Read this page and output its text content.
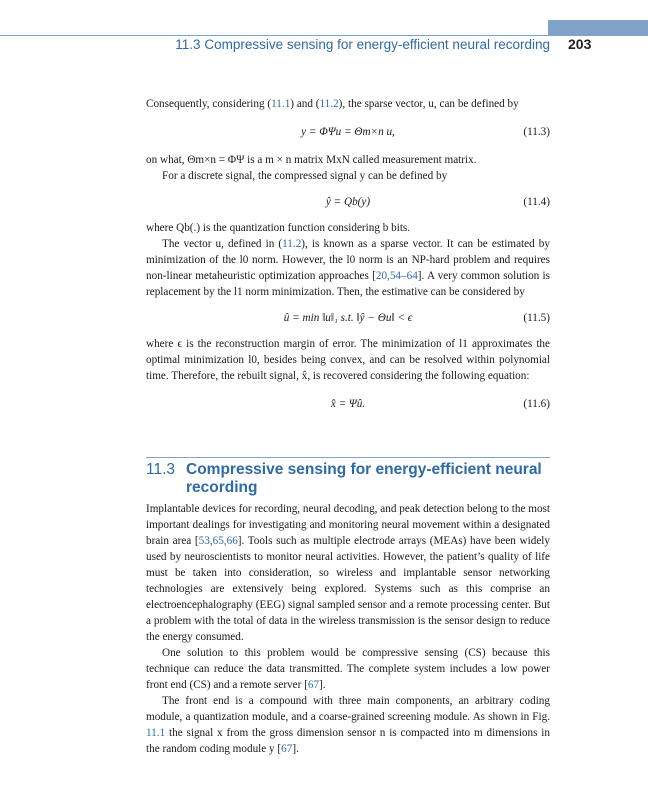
11.3 Compressive sensing for energy-efficient neural recording 203

Consequently, considering (11.1) and (11.2), the sparse vector, u, can be defined by

y = ΦΨu = Θm×n u,	(11.3)

on what, Θm×n = ΦΨ is a m × n matrix MxN called measurement matrix.

For a discrete signal, the compressed signal y can be defined by

ŷ = Qb(y)	(11.4)

where Qb(.) is the quantization function considering b bits.

The vector u, defined in (11.2), is known as a sparse vector. It can be estimated by minimization of the l0 norm. However, the l0 norm is an NP-hard problem and requires non-linear metaheuristic optimization approaches [20,54–64]. A very common solution is replacement by the l1 norm minimization. Then, the estimative can be considered by

û = min ‖u‖₁ s.t. ‖ŷ − Θu‖ < ϵ	(11.5)

where ϵ is the reconstruction margin of error. The minimization of l1 approximates the optimal minimization l0, besides being convex, and can be resolved within polynomial time. Therefore, the rebuilt signal, x̂, is recovered considering the following equation:

x̂ = Ψû.	(11.6)
11.3 Compressive sensing for energy-efficient neural recording

Implantable devices for recording, neural decoding, and peak detection belong to the most important dealings for investigating and monitoring neural movement within a designated brain area [53,65,66]. Tools such as multiple electrode arrays (MEAs) have been widely used by neuroscientists to monitor neural activities. However, the patient’s quality of life must be taken into consideration, so wireless and implantable sensor networking technologies are extensively being explored. Systems such as this comprise an electroencephalography (EEG) signal sampled sensor and a remote processing center. But a problem with the total of data in the wireless transmission is the sensor design to reduce the energy consumed.

One solution to this problem would be compressive sensing (CS) because this technique can reduce the data transmitted. The complete system includes a low power front end (CS) and a remote server [67].

The front end is a compound with three main components, an arbitrary coding module, a quantization module, and a coarse-grained screening module. As shown in Fig. 11.1 the signal x from the gross dimension sensor n is compacted into m dimensions in the random coding module y [67].
